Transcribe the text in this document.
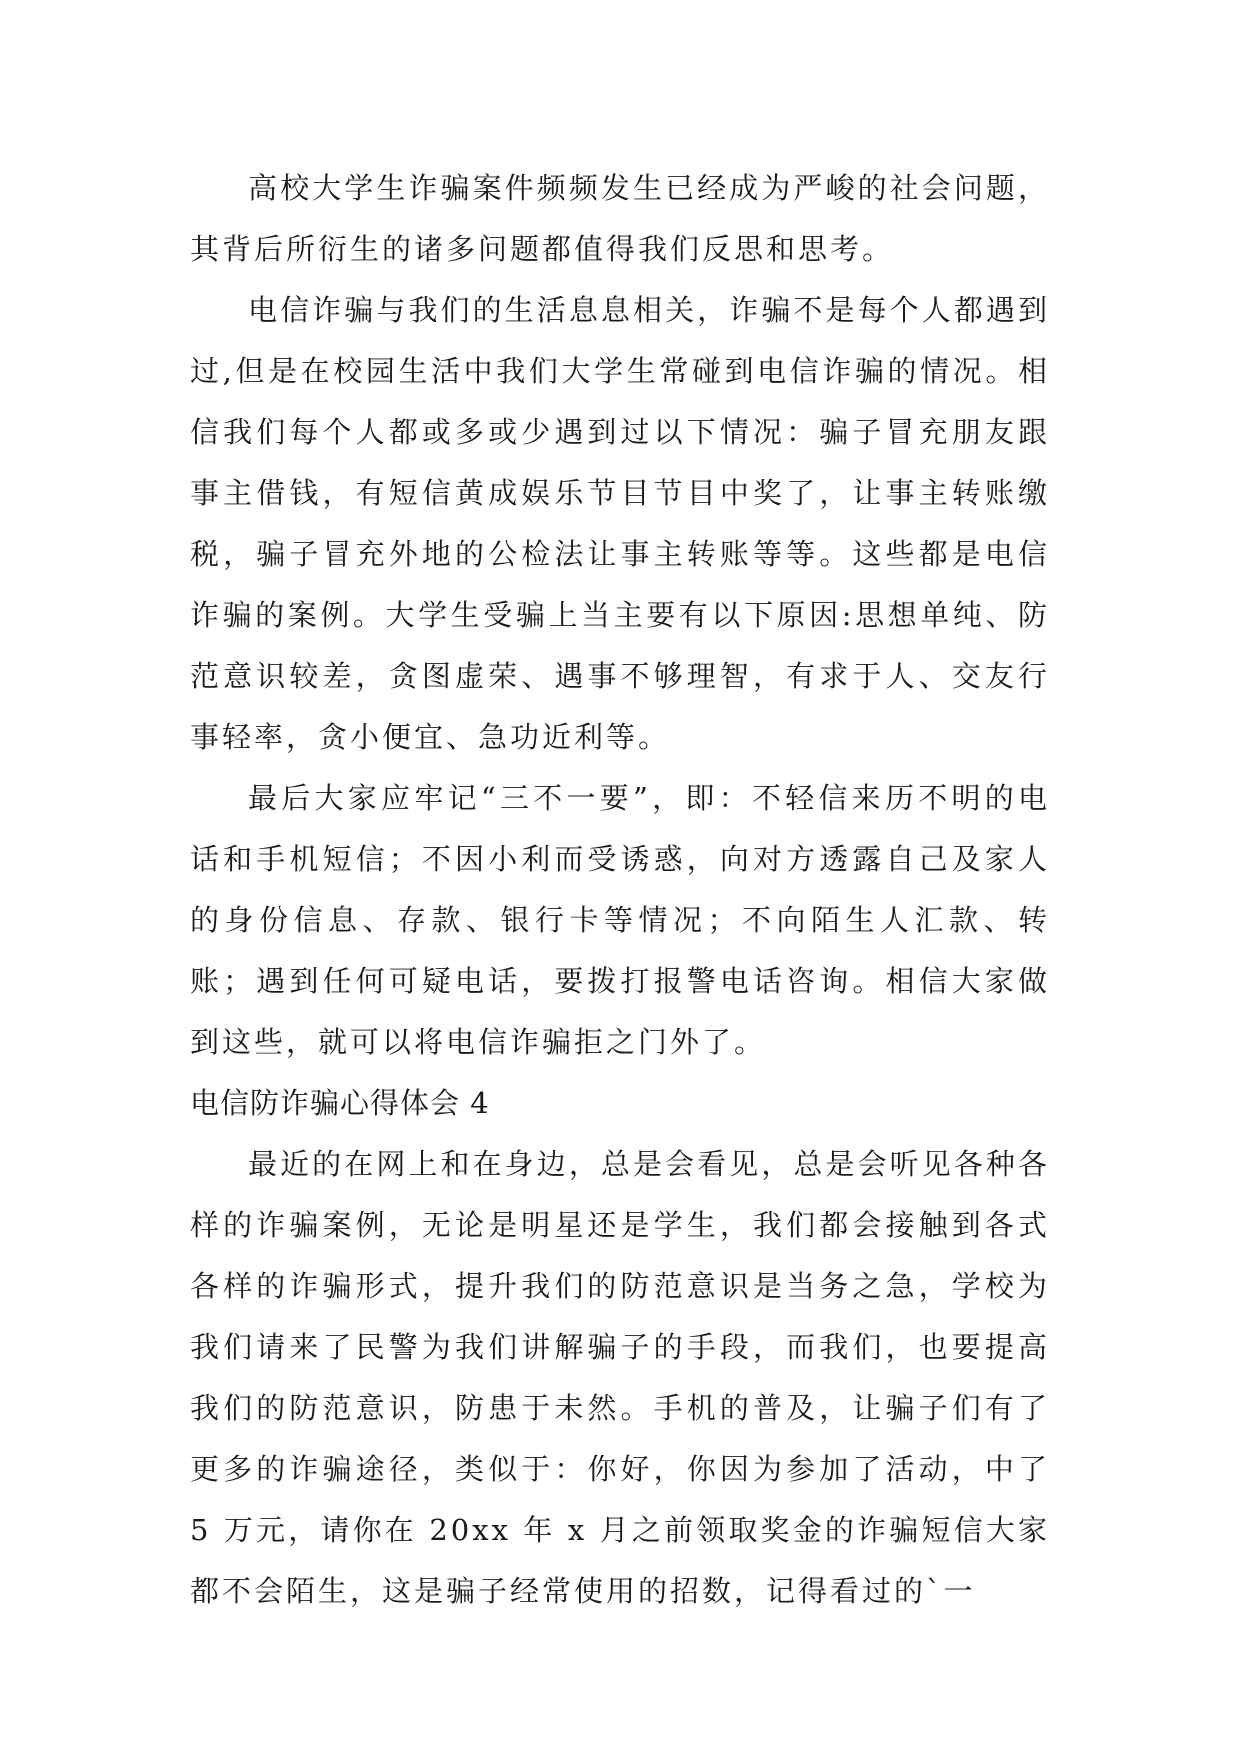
高校大学生诈骗案件频频发生已经成为严峻的社会问题，其背后所衍生的诸多问题都值得我们反思和思考。

电信诈骗与我们的生活息息相关，诈骗不是每个人都遇到过,但是在校园生活中我们大学生常碰到电信诈骗的情况。相信我们每个人都或多或少遇到过以下情况：骗子冒充朋友跟事主借钱，有短信黄成娱乐节目节目中奖了，让事主转账缴税，骗子冒充外地的公检法让事主转账等等。这些都是电信诈骗的案例。大学生受骗上当主要有以下原因:思想单纯、防范意识较差，贪图虚荣、遇事不够理智，有求于人、交友行事轻率，贪小便宜、急功近利等。

最后大家应牢记“三不一要”，即：不轻信来历不明的电话和手机短信；不因小利而受诱惑，向对方透露自己及家人的身份信息、存款、银行卡等情况；不向陌生人汇款、转账；遇到任何可疑电话，要拨打报警电话咨询。相信大家做到这些，就可以将电信诈骗拒之门外了。

电信防诈骗心得体会 4

最近的在网上和在身边，总是会看见，总是会听见各种各样的诈骗案例，无论是明星还是学生，我们都会接触到各式各样的诈骗形式，提升我们的防范意识是当务之急，学校为我们请来了民警为我们讲解骗子的手段，而我们，也要提高我们的防范意识，防患于未然。手机的普及，让骗子们有了更多的诈骗途径，类似于：你好，你因为参加了活动，中了 5 万元，请你在 20xx 年 x 月之前领取奖金的诈骗短信大家都不会陌生，这是骗子经常使用的招数，记得看过的`一
